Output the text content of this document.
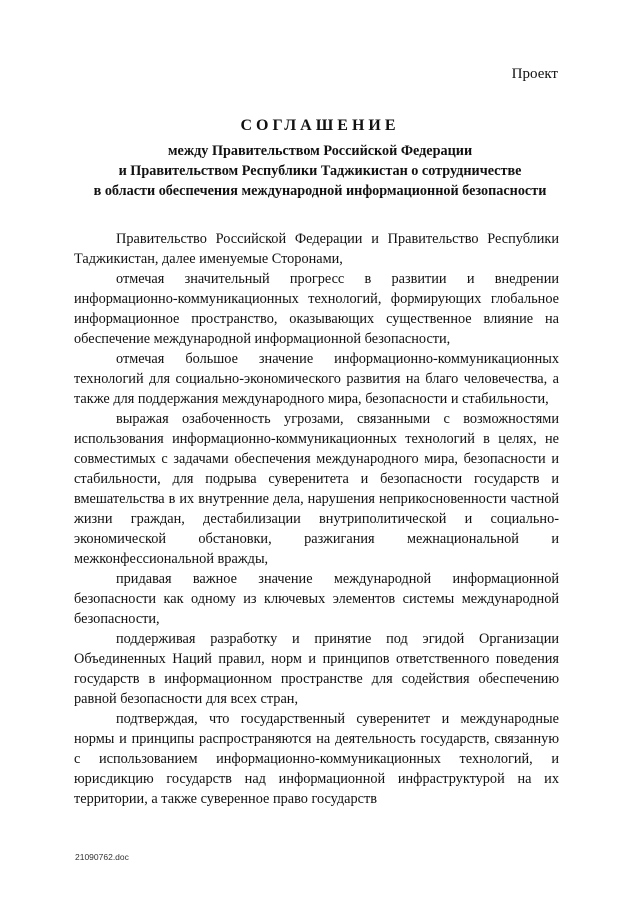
Проект
СОГЛАШЕНИЕ
между Правительством Российской Федерации
и Правительством Республики Таджикистан о сотрудничестве
в области обеспечения международной информационной безопасности

Правительство Российской Федерации и Правительство Республики Таджикистан, далее именуемые Сторонами,

отмечая значительный прогресс в развитии и внедрении информационно-коммуникационных технологий, формирующих глобальное информационное пространство, оказывающих существенное влияние на обеспечение международной информационной безопасности,

отмечая большое значение информационно-коммуникационных технологий для социально-экономического развития на благо человечества, а также для поддержания международного мира, безопасности и стабильности,

выражая озабоченность угрозами, связанными с возможностями использования информационно-коммуникационных технологий в целях, не совместимых с задачами обеспечения международного мира, безопасности и стабильности, для подрыва суверенитета и безопасности государств и вмешательства в их внутренние дела, нарушения неприкосновенности частной жизни граждан, дестабилизации внутриполитической и социально-экономической обстановки, разжигания межнациональной и межконфессиональной вражды,

придавая важное значение международной информационной безопасности как одному из ключевых элементов системы международной безопасности,

поддерживая разработку и принятие под эгидой Организации Объединенных Наций правил, норм и принципов ответственного поведения государств в информационном пространстве для содействия обеспечению равной безопасности для всех стран,

подтверждая, что государственный суверенитет и международные нормы и принципы распространяются на деятельность государств, связанную с использованием информационно-коммуникационных технологий, и юрисдикцию государств над информационной инфраструктурой на их территории, а также суверенное право государств

21090762.doc
